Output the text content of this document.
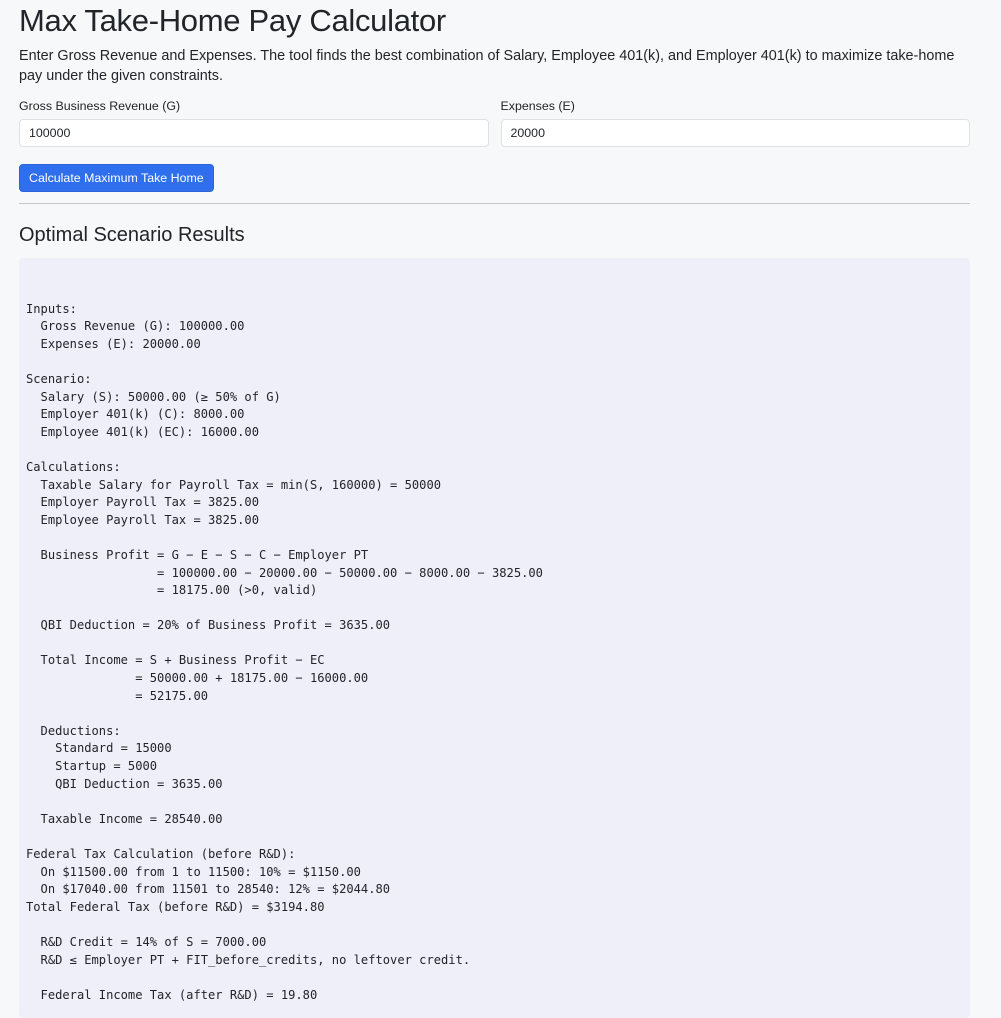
Max Take-Home Pay Calculator

Enter Gross Revenue and Expenses. The tool finds the best combination of Salary, Employee 401(k), and Employer 401(k) to maximize take-home pay under the given constraints.

Gross Business Revenue (G)
100000	Expenses (E)
20000
Calculate Maximum Take Home
Optimal Scenario Results

Inputs:
Gross Revenue (G): 100000.00
Expenses (E): 20000.00

Scenario:
Salary (S): 50000.00 (≥ 50% of G)
Employer 401(k) (C): 8000.00
Employee 401(k) (EC): 16000.00

Calculations:
Taxable Salary for Payroll Tax = min(S, 160000) = 50000
Employer Payroll Tax = 3825.00
Employee Payroll Tax = 3825.00

Business Profit = G − E − S − C − Employer PT
= 100000.00 − 20000.00 − 50000.00 − 8000.00 − 3825.00
= 18175.00 (>0, valid)

QBI Deduction = 20% of Business Profit = 3635.00

Total Income = S + Business Profit − EC
= 50000.00 + 18175.00 − 16000.00
= 52175.00

Deductions:
Standard = 15000
Startup = 5000
QBI Deduction = 3635.00

Taxable Income = 28540.00

Federal Tax Calculation (before R&D):
On $11500.00 from 1 to 11500: 10% = $1150.00
On $17040.00 from 11501 to 28540: 12% = $2044.80
Total Federal Tax (before R&D) = $3194.80

R&D Credit = 14% of S = 7000.00
R&D ≤ Employer PT + FIT_before_credits, no leftover credit.

Federal Income Tax (after R&D) = 19.80
